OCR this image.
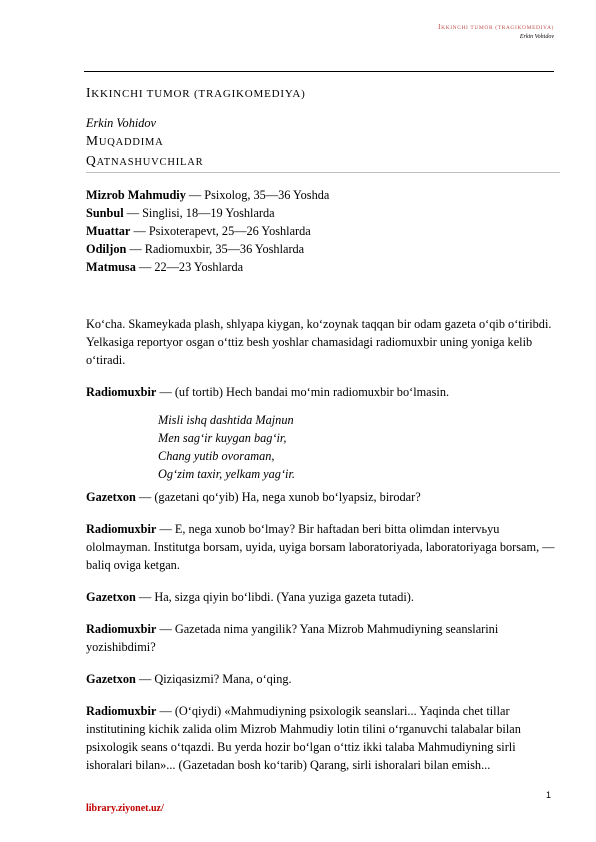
IKKINCHI TUMOR (TRAGIKOMEDIYA)
Erkin Vohidov
IKKINCHI TUMOR (TRAGIKOMEDIYA)

Erkin Vohidov

MUQADDIMA

QATNASHUVCHILAR

Mizrob Mahmudiy — Psixolog, 35—36 Yoshda

Sunbul — Singlisi, 18—19 Yoshlarda

Muattar — Psixoterapevt, 25—26 Yoshlarda

Odiljon — Radiomuxbir, 35—36 Yoshlarda

Matmusa — 22—23 Yoshlarda

Ko‘cha. Skameykada plash, shlyapa kiygan, ko‘zoynak taqqan bir odam gazeta o‘qib o‘tiribdi. Yelkasiga reportyor osgan o‘ttiz besh yoshlar chamasidagi radiomuxbir uning yoniga kelib o‘tiradi.

Radiomuxbir — (uf tortib) Hech bandai mo‘min radiomuxbir bo‘lmasin.

Misli ishq dashtida Majnun
Men sag‘ir kuygan bag‘ir,
Chang yutib ovoraman,
Og‘zim taxir, yelkam yag‘ir.

Gazetxon — (gazetani qo‘yib) Ha, nega xunob bo‘lyapsiz, birodar?

Radiomuxbir — E, nega xunob bo‘lmay? Bir haftadan beri bitta olimdan intervьyu ololmayman. Institutga borsam, uyida, uyiga borsam laboratoriyada, laboratoriyaga borsam, — baliq oviga ketgan.

Gazetxon — Ha, sizga qiyin bo‘libdi. (Yana yuziga gazeta tutadi).

Radiomuxbir — Gazetada nima yangilik? Yana Mizrob Mahmudiyning seanslarini yozishibdimi?

Gazetxon — Qiziqasizmi? Mana, o‘qing.

Radiomuxbir — (O‘qiydi) «Mahmudiyning psixologik seanslari... Yaqinda chet tillar institutining kichik zalida olim Mizrob Mahmudiy lotin tilini o‘rganuvchi talabalar bilan psixologik seans o‘tqazdi. Bu yerda hozir bo‘lgan o‘ttiz ikki talaba Mahmudiyning sirli ishoralari bilan»... (Gazetadan bosh ko‘tarib) Qarang, sirli ishoralari bilan emish...

1
library.ziyonet.uz/
